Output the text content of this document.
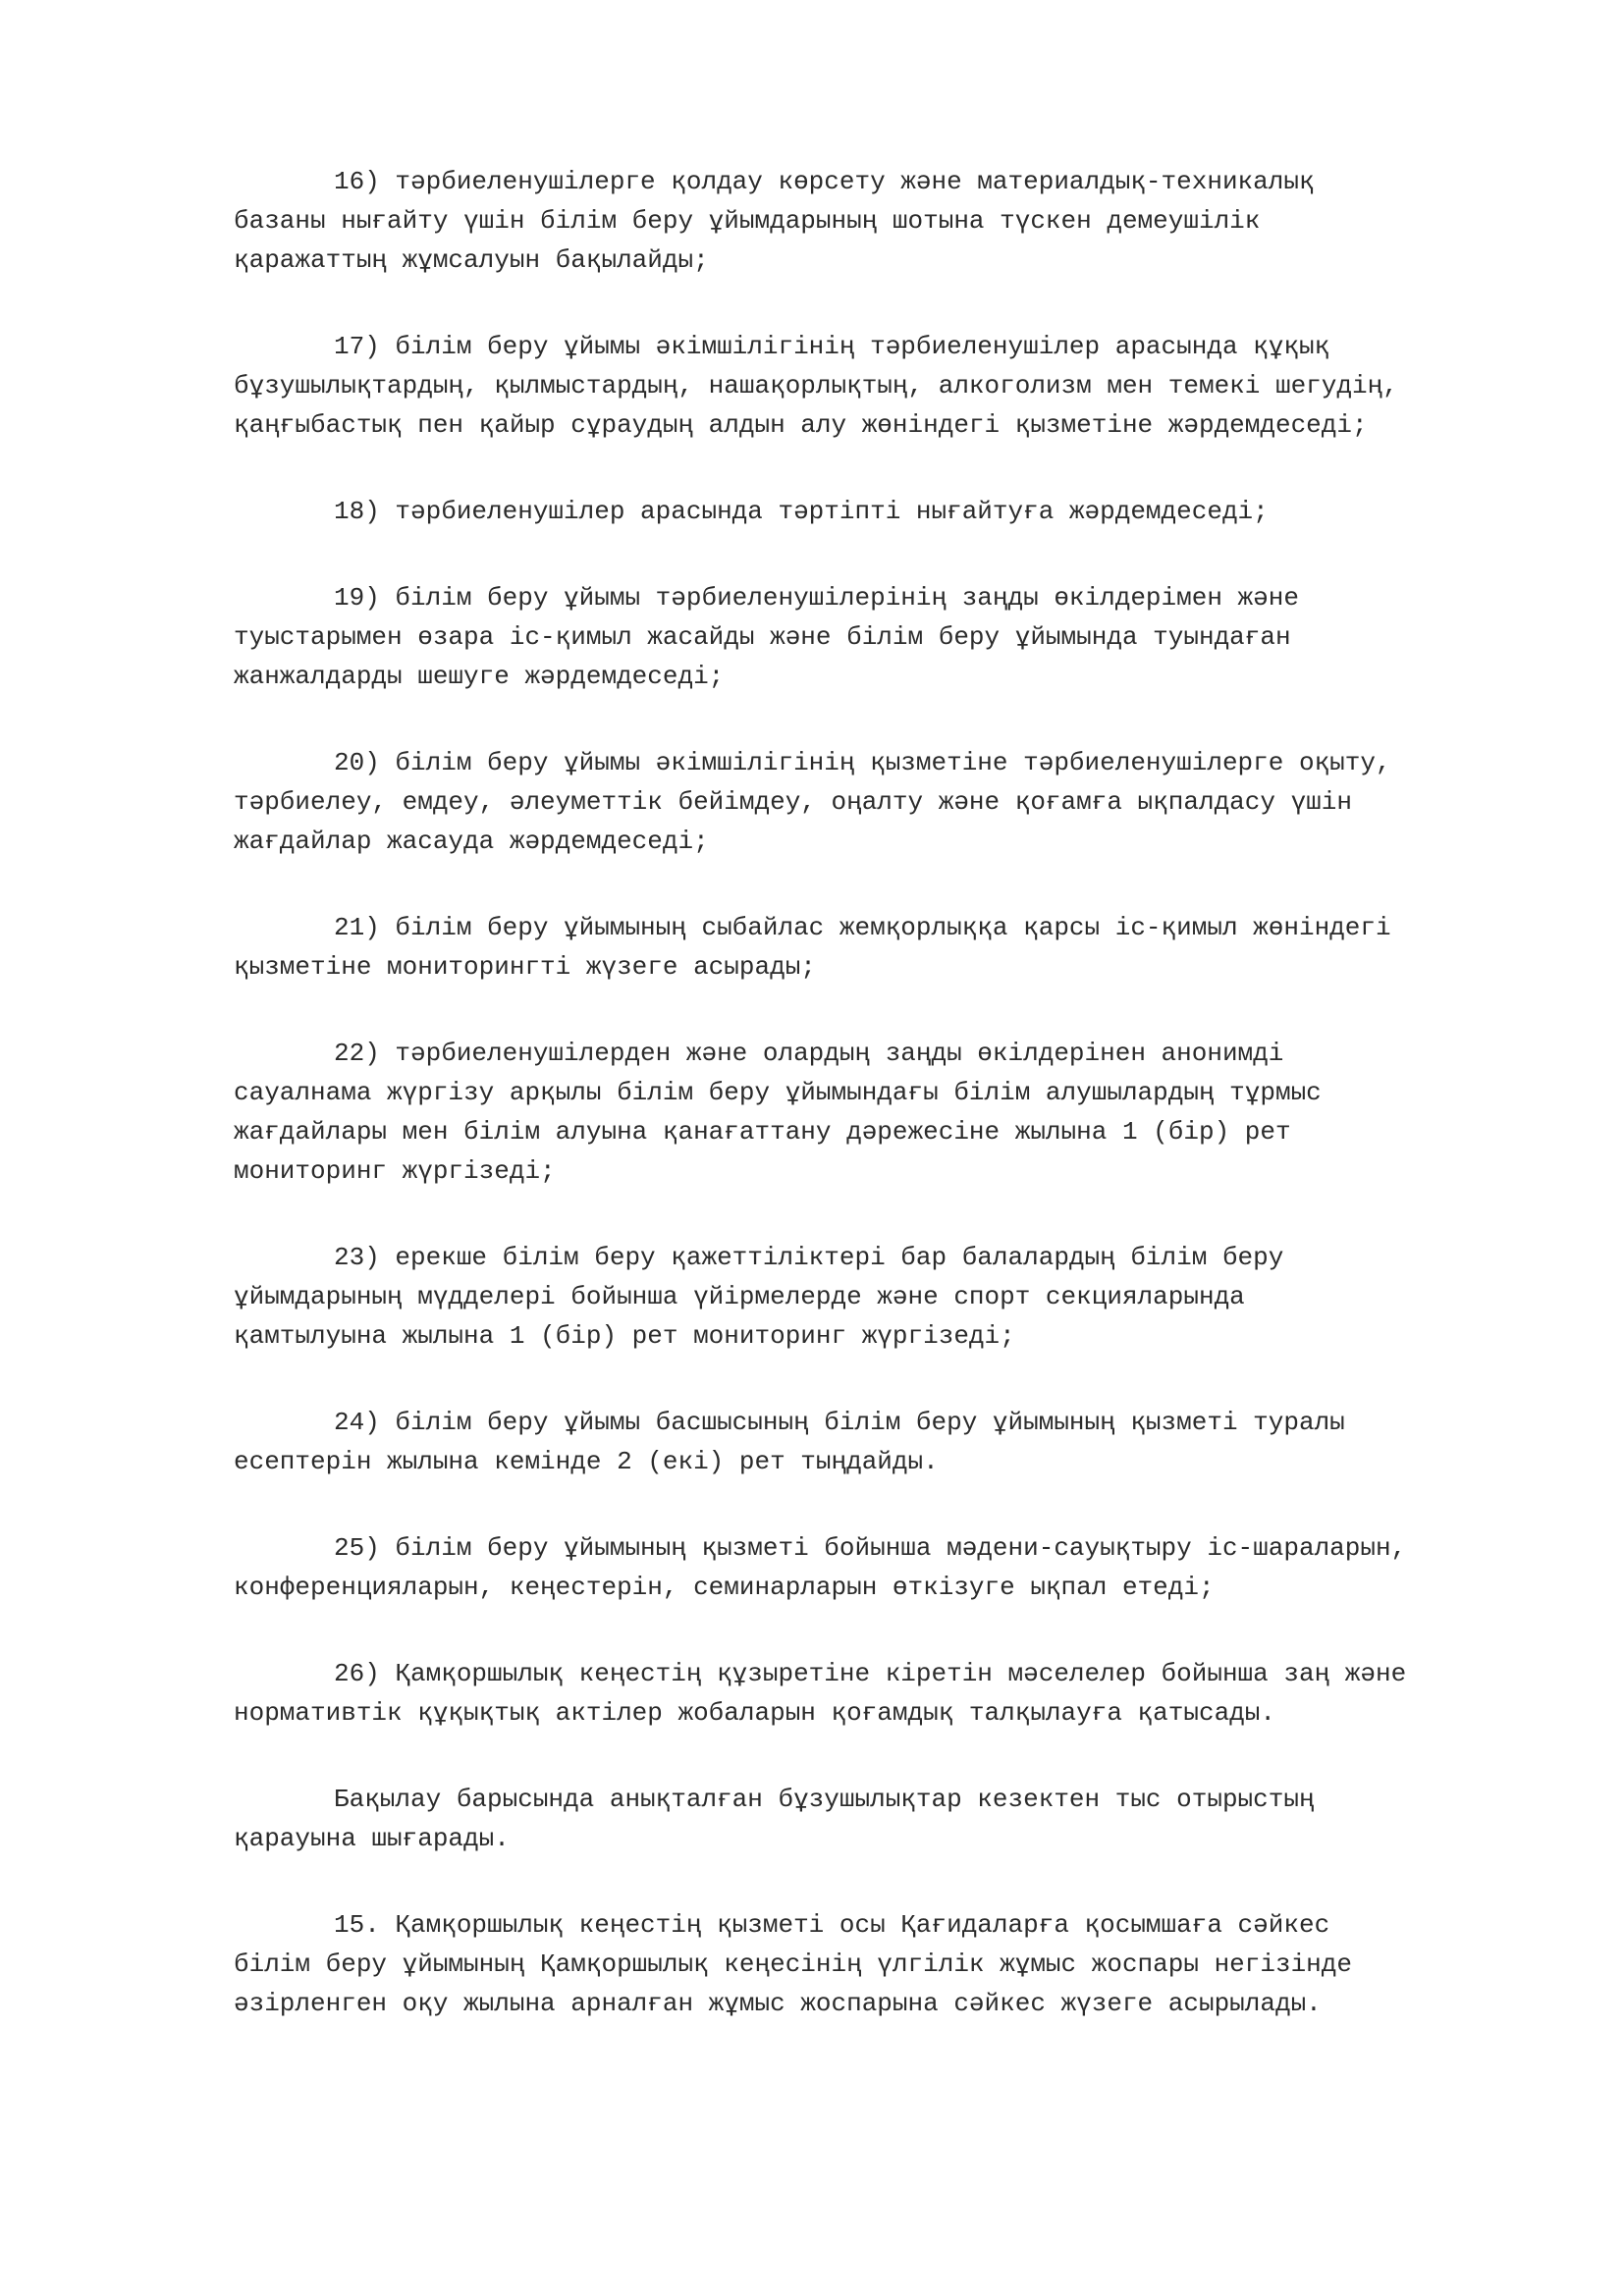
16) тәрбиеленушілерге қолдау көрсету және материалдық-техникалық
базаны нығайту үшін білім беру ұйымдарының шотына түскен демеушілік
қаражаттың жұмсалуын бақылайды;
17) білім беру ұйымы әкімшілігінің тәрбиеленушілер арасында құқық
бұзушылықтардың, қылмыстардың, нашақорлықтың, алкоголизм мен темекі шегудің,
қаңғыбастық пен қайыр сұраудың алдын алу жөніндегі қызметіне жәрдемдеседі;
18) тәрбиеленушілер арасында тәртіпті нығайтуға жәрдемдеседі;
19) білім беру ұйымы тәрбиеленушілерінің заңды өкілдерімен және
туыстарымен өзара іс-қимыл жасайды және білім беру ұйымында туындаған
жанжалдарды шешуге жәрдемдеседі;
20) білім беру ұйымы әкімшілігінің қызметіне тәрбиеленушілерге оқыту,
тәрбиелеу, емдеу, әлеуметтік бейімдеу, оңалту және қоғамға ықпалдасу үшін
жағдайлар жасауда жәрдемдеседі;
21) білім беру ұйымының сыбайлас жемқорлыққа қарсы іс-қимыл жөніндегі
қызметіне мониторингті жүзеге асырады;
22) тәрбиеленушілерден және олардың заңды өкілдерінен анонимді
сауалнама жүргізу арқылы білім беру ұйымындағы білім алушылардың тұрмыс
жағдайлары мен білім алуына қанағаттану дәрежесіне жылына 1 (бір) рет
мониторинг жүргізеді;
23) ерекше білім беру қажеттіліктері бар балалардың білім беру
ұйымдарының мүдделері бойынша үйірмелерде және спорт секцияларында
қамтылуына жылына 1 (бір) рет мониторинг жүргізеді;
24) білім беру ұйымы басшысының білім беру ұйымының қызметі туралы
есептерін жылына кемінде 2 (екі) рет тыңдайды.
25) білім беру ұйымының қызметі бойынша мәдени-сауықтыру іс-шараларын,
конференцияларын, кеңестерін, семинарларын өткізуге ықпал етеді;
26) Қамқоршылық кеңестің құзыретіне кіретін мәселелер бойынша заң және
нормативтік құқықтық актілер жобаларын қоғамдық талқылауға қатысады.
Бақылау барысында анықталған бұзушылықтар кезектен тыс отырыстың
қарауына шығарады.
15. Қамқоршылық кеңестің қызметі осы Қағидаларға қосымшаға сәйкес
білім беру ұйымының Қамқоршылық кеңесінің үлгілік жұмыс жоспары негізінде
әзірленген оқу жылына арналған жұмыс жоспарына сәйкес жүзеге асырылады.
